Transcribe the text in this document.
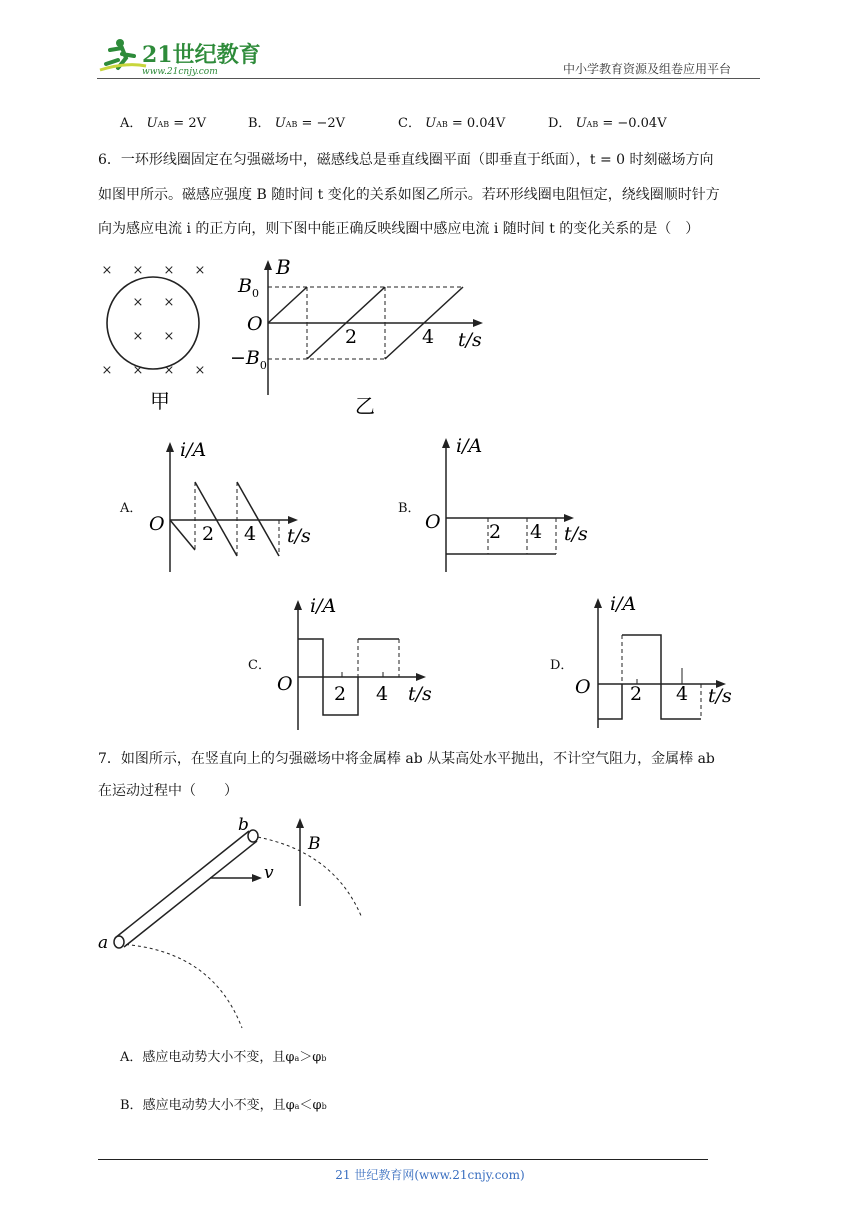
21世纪教育
www.21cnjy.com	中小学教育资源及组卷应用平台
A． UAB = 2V	B． UAB = −2V	C． UAB = 0.04V	D． UAB = −0.04V
6．一环形线圈固定在匀强磁场中，磁感线总是垂直线圈平面（即垂直于纸面），t = 0 时刻磁场方向
如图甲所示。磁感应强度 B 随时间 t 变化的关系如图乙所示。若环形线圈电阻恒定，绕线圈顺时针方
向为感应电流 i 的正方向，则下图中能正确反映线圈中感应电流 i 随时间 t 的变化关系的是（　）
× × × ×
× ×
× ×
× × × ×
甲
B
$B_0$
O
$-B_0$
2	4 t/s
乙
A．
i/A
O 2 4 t/s
B．
i/A
O	2 4 t/s
C．
i/A
O 2 4 t/s
D．
i/A
O 2 4 t/s
7．如图所示，在竖直向上的匀强磁场中将金属棒 ab 从某高处水平抛出，不计空气阻力，金属棒 ab
在运动过程中（　　）
a
b
v
B
A．感应电动势大小不变，且φa＞φb
B．感应电动势大小不变，且φa＜φb
21 世纪教育网(www.21cnjy.com)
